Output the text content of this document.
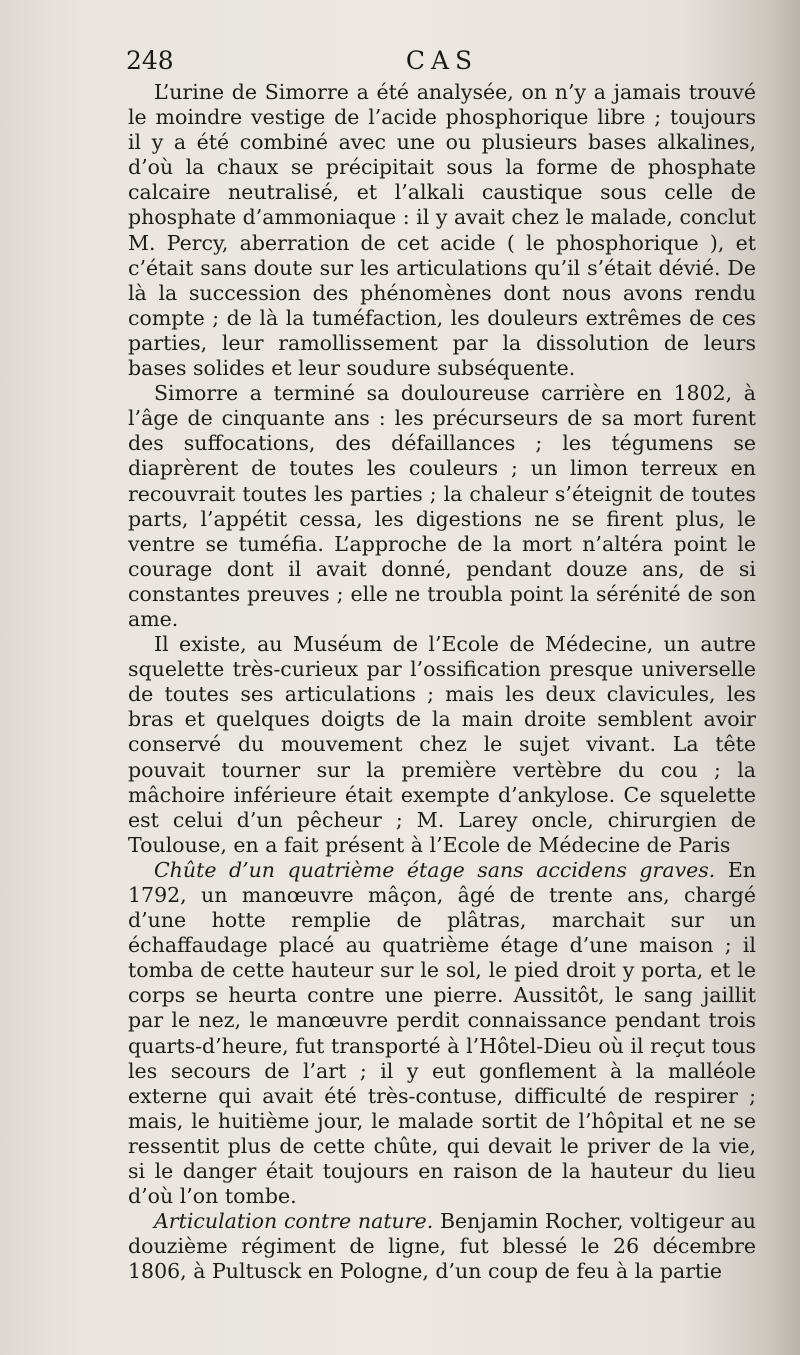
248	CAS

L’urine de Simorre a été analysée, on n’y a jamais trouvé le moindre vestige de l’acide phosphorique libre ; toujours il y a été combiné avec une ou plusieurs bases alkalines, d’où la chaux se précipitait sous la forme de phosphate calcaire neutralisé, et l’alkali caustique sous celle de phosphate d’ammoniaque : il y avait chez le malade, conclut M. Percy, aberration de cet acide ( le phosphorique ), et c’était sans doute sur les articulations qu’il s’était dévié. De là la succession des phénomènes dont nous avons rendu compte ; de là la tuméfaction, les douleurs extrêmes de ces parties, leur ramollissement par la dissolution de leurs bases solides et leur soudure subséquente.

Simorre a terminé sa douloureuse carrière en 1802, à l’âge de cinquante ans : les précurseurs de sa mort furent des suffocations, des défaillances ; les tégumens se diaprèrent de toutes les couleurs ; un limon terreux en recouvrait toutes les parties ; la chaleur s’éteignit de toutes parts, l’appétit cessa, les digestions ne se firent plus, le ventre se tuméfia. L’approche de la mort n’altéra point le courage dont il avait donné, pendant douze ans, de si constantes preuves ; elle ne troubla point la sérénité de son ame.

Il existe, au Muséum de l’Ecole de Médecine, un autre squelette très-curieux par l’ossification presque universelle de toutes ses articulations ; mais les deux clavicules, les bras et quelques doigts de la main droite semblent avoir conservé du mouvement chez le sujet vivant. La tête pouvait tourner sur la première vertèbre du cou ; la mâchoire inférieure était exempte d’ankylose. Ce squelette est celui d’un pêcheur ; M. Larey oncle, chirurgien de Toulouse, en a fait présent à l’Ecole de Médecine de Paris

Chûte d’un quatrième étage sans accidens graves. En 1792, un manœuvre mâçon, âgé de trente ans, chargé d’une hotte remplie de plâtras, marchait sur un échaffaudage placé au quatrième étage d’une maison ; il tomba de cette hauteur sur le sol, le pied droit y porta, et le corps se heurta contre une pierre. Aussitôt, le sang jaillit par le nez, le manœuvre perdit connaissance pendant trois quarts-d’heure, fut transporté à l’Hôtel-Dieu où il reçut tous les secours de l’art ; il y eut gonflement à la malléole externe qui avait été très-contuse, difficulté de respirer ; mais, le huitième jour, le malade sortit de l’hôpital et ne se ressentit plus de cette chûte, qui devait le priver de la vie, si le danger était toujours en raison de la hauteur du lieu d’où l’on tombe.

Articulation contre nature. Benjamin Rocher, voltigeur au douzième régiment de ligne, fut blessé le 26 décembre 1806, à Pultusck en Pologne, d’un coup de feu à la partie
